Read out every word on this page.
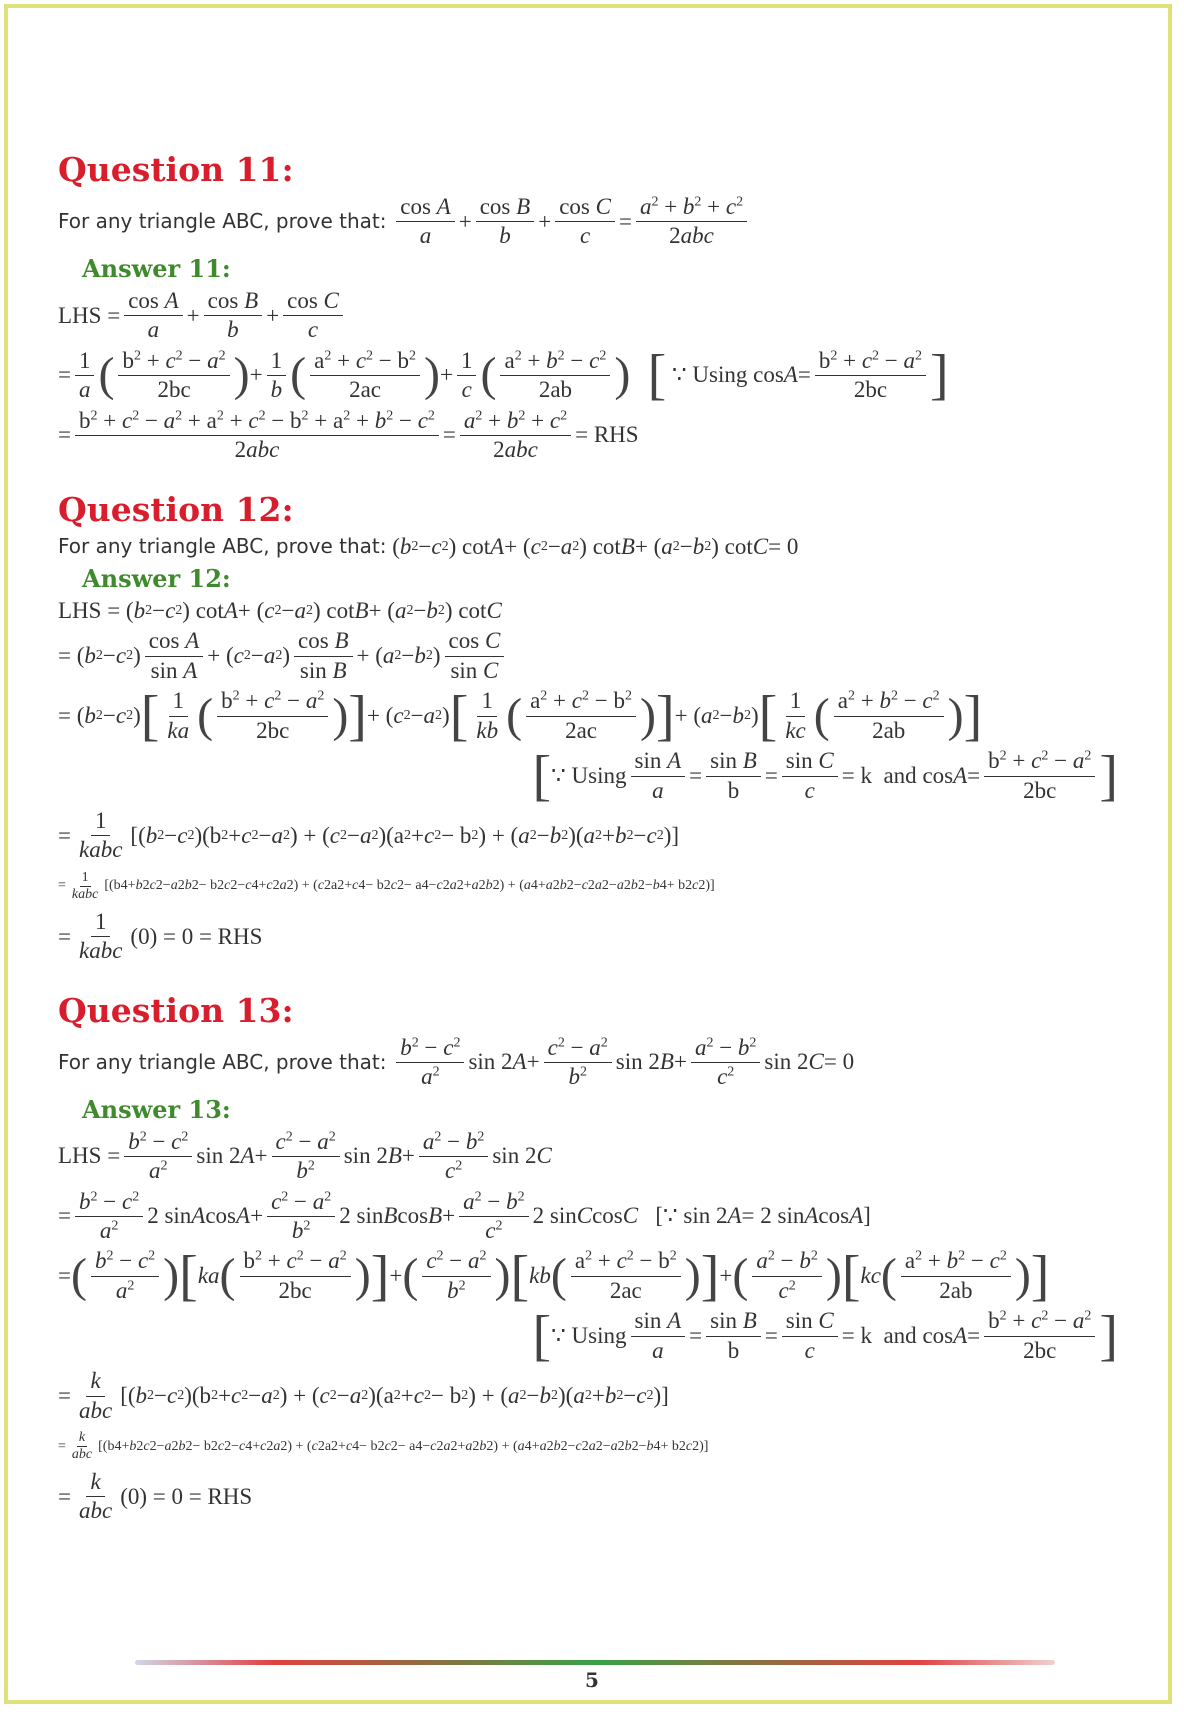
Question 11:
For any triangle ABC, prove that:
$\frac{\text{cos A}}{a} + \frac{\text{cos B}}{b} + \frac{\text{cos C}}{c} = \frac{a^2 + b^2 + c^2}{\text{2abc}}$
Answer 11:
LHS = $\frac{\text{cos A}}{a} + \frac{\text{cos B}}{b} + \frac{\text{cos C}}{c}$
= $\frac{1}{a}$ ( $\frac{b^2 + c^2 - a^2}{2bc}$ ) + $\frac{1}{b}$ ( $\frac{a^2 + c^2 - b^2}{2ac}$ ) + $\frac{1}{c}$ ( $\frac{a^2 + b^2 - c^2}{2ab}$ )
[
∵ Using $\cos A = \frac{b^2 + c^2 - a^2}{2bc}$ ]
= $\frac{b^2 + c^2 - a^2 + a^2 + c^2 - b^2 + a^2 + b^2 - c^2}{\text{2abc}} = \frac{a^2 + b^2 + c^2}{\text{2abc}}$ = RHS
Question 12:
For any triangle ABC, prove that: ( b 2 − c 2 ) cot A + ( c 2 − a 2 ) cot B + ( a 2 − b 2 ) cot C = 0
Answer 12:
LHS = ( b 2 − c 2 ) cot A + ( c 2 − a 2 ) cot B + ( a 2 − b 2 ) cot C
= ( b 2 − c 2 ) $\frac{\text{cos A}}{\text{sin A}}$ + ( c 2 − a 2 ) $\frac{\text{cos B}}{\text{sin B}}$ + ( a 2 − b 2 ) $\frac{\text{cos C}}{\text{sin C}}$
= ( b 2 − c 2 ) [ $\frac{1}{ka}$ ( $\frac{b^2 + c^2 - a^2}{2bc}$ ) ] + ( c 2 − a 2 ) [ $\frac{1}{kb}$ ( $\frac{a^2 + c^2 - b^2}{2ac}$ ) ] + ( a 2 − b 2 ) [ $\frac{1}{kc}$ ( $\frac{a^2 + b^2 - c^2}{2ab}$ ) ]
[ ∵ Using $\frac{\text{sin A}}{a} = \frac{\text{sin B}}{b} = \frac{\text{sin C}}{c} = k$
and $\cos A = \frac{b^2 + c^2 - a^2}{2bc}$ ]
= $\frac{1}{\text{kabc}}$ [( b 2 − c 2 )(b 2 + c 2 − a 2 ) + ( c 2 − a 2 )(a 2 + c 2 − b 2 ) + ( a 2 − b 2 )( a 2 + b 2 − c 2 )]
= $\frac{1}{\text{kabc}} [(b$ 4 + b 2 c 2 − a 2 b 2 − b 2 c 2 − c 4 + c 2 a 2 ) + ( c 2 a 2 + c 4 − b 2 c 2 − a 4 − c 2 a 2 + a 2 b 2 ) + ( a 4 + a 2 b 2 − c 2 a 2 − a 2 b 2 − b 4 + b 2 c 2 )]
= $\frac{1}{\text{kabc}} (0) = 0$ = RHS
Question 13:
For any triangle ABC, prove that:
$\frac{b^2 - c^2}{a^2}$ sin 2 $A + \frac{c^2 - a^2}{b^2}$ sin 2 $B + \frac{a^2 - b^2}{c^2}$ sin 2 C = 0
Answer 13:
LHS = $\frac{b^2 - c^2}{a^2}$ sin 2 $A + \frac{c^2 - a^2}{b^2}$ sin 2 $B + \frac{a^2 - b^2}{c^2}$ sin 2 C
= $\frac{b^2 - c^2}{a^2} 2$ sin A $\cos A + \frac{c^2 - a^2}{b^2} 2$ sin B $\cos B + \frac{a^2 - b^2}{c^2} 2$ sin C cos C [∵ sin 2 A = 2 sin A cos A ]
= ( $\frac{b^2 - c^2}{a^2}$ ) [ ka ( $\frac{b^2 + c^2 - a^2}{2bc}$ ) ] + ( $\frac{c^2 - a^2}{b^2}$ ) [ kb ( $\frac{a^2 + c^2 - b^2}{2ac}$ ) ] + ( $\frac{a^2 - b^2}{c^2}$ ) [ kc ( $\frac{a^2 + b^2 - c^2}{2ab}$ ) ]
[ ∵ Using $\frac{\text{sin A}}{a} = \frac{\text{sin B}}{b} = \frac{\text{sin C}}{c} = k$
and $\cos A = \frac{b^2 + c^2 - a^2}{2bc}$ ]
= $\frac{k}{\text{abc}}$ [( b 2 − c 2 )(b 2 + c 2 − a 2 ) + ( c 2 − a 2 )(a 2 + c 2 − b 2 ) + ( a 2 − b 2 )( a 2 + b 2 − c 2 )]
= $\frac{k}{\text{abc}} [(b$ 4 + b 2 c 2 − a 2 b 2 − b 2 c 2 − c 4 + c 2 a 2 ) + ( c 2 a 2 + c 4 − b 2 c 2 − a 4 − c 2 a 2 + a 2 b 2 ) + ( a 4 + a 2 b 2 − c 2 a 2 − a 2 b 2 − b 4 + b 2 c 2 )]
= $\frac{k}{\text{abc}} (0) = 0$ = RHS
5
